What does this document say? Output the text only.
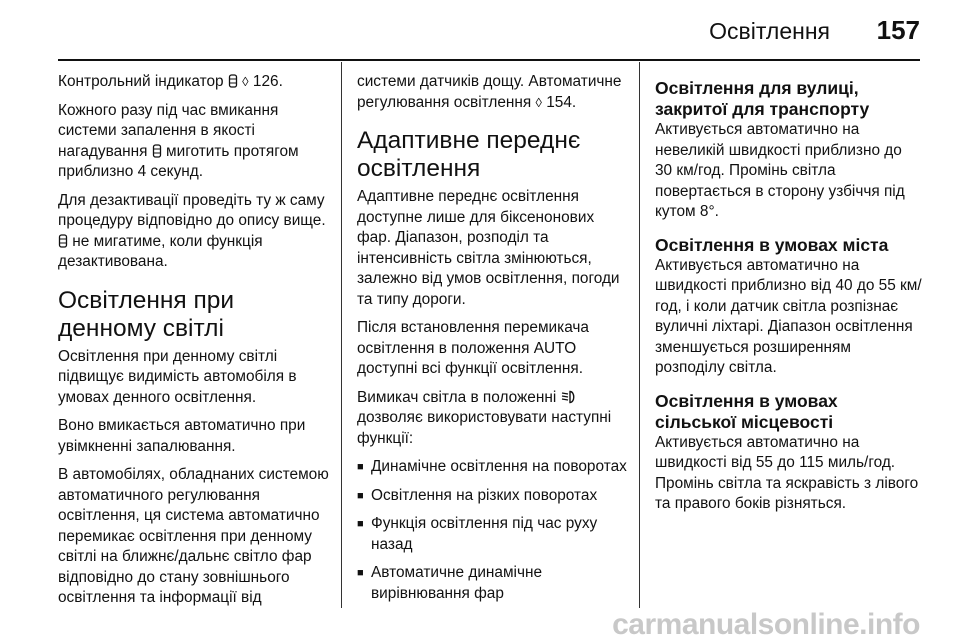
Освітлення 157

Контрольний індикатор ◊ 126.

Кожного разу під час вмикання системи запалення в якості нагадування миготить протягом приблизно 4 секунд.

Для дезактивації проведіть ту ж саму процедуру відповідно до опису вище.  не мигатиме, коли функція дезактивована.

Освітлення при денному світлі

Освітлення при денному світлі підвищує видимість автомобіля в умовах денного освітлення.

Воно вмикається автоматично при увімкненні запалювання.

В автомобілях, обладнаних системою автоматичного регулювання освітлення, ця система автоматично перемикає освітлення при денному світлі на ближнє/дальнє світло фар відповідно до стану зовнішнього освітлення та інформації від

системи датчиків дощу. Автоматичне регулювання освітлення ◊ 154.

Адаптивне переднє освітлення

Адаптивне переднє освітлення доступне лише для біксенонових фар. Діапазон, розподіл та інтенсивність світла змінюються, залежно від умов освітлення, погоди та типу дороги.

Після встановлення перемикача освітлення в положення AUTO доступні всі функції освітлення.

Вимикач світла в положенні  дозволяє використовувати наступні функції:

■ Динамічне освітлення на поворотах
■ Освітлення на різких поворотах
■ Функція освітлення під час руху назад
■ Автоматичне динамічне вирівнювання фар
Освітлення для вулиці, закритої для транспорту

Активується автоматично на невеликій швидкості приблизно до 30 км/год. Промінь світла повертається в сторону узбіччя під кутом 8°.

Освітлення в умовах міста

Активується автоматично на швидкості приблизно від 40 до 55 км/год, і коли датчик світла розпізнає вуличні ліхтарі. Діапазон освітлення зменшується розширенням розподілу світла.

Освітлення в умовах сільської місцевості

Активується автоматично на швидкості від 55 до 115 миль/год. Промінь світла та яскравість з лівого та правого боків різняться.

carmanualsonline.info
